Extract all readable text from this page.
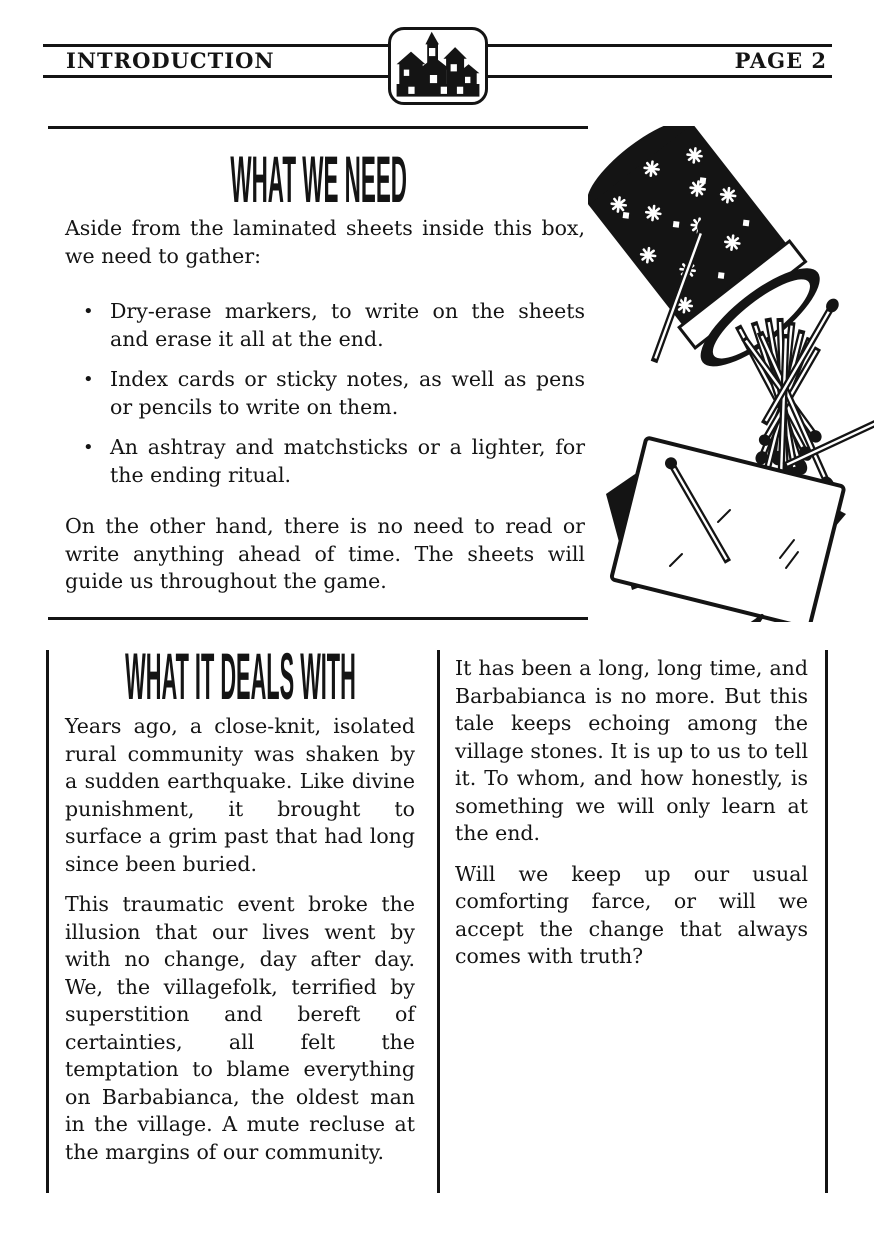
INTRODUCTION	PAGE 2
WHAT WE NEED

Aside from the laminated sheets inside this box, we need to gather:

• Dry-erase markers, to write on the sheets and erase it all at the end.
• Index cards or sticky notes, as well as pens or pencils to write on them.
• An ashtray and matchsticks or a lighter, for the ending ritual.

On the other hand, there is no need to read or write anything ahead of time. The sheets will guide us throughout the game.

WHAT IT DEALS WITH

Years ago, a close-knit, isolated rural community was shaken by a sudden earthquake. Like divine punishment, it brought to surface a grim past that had long since been buried.

This traumatic event broke the illusion that our lives went by with no change, day after day. We, the villagefolk, terrified by superstition and bereft of certainties, all felt the temptation to blame everything on Barbabianca, the oldest man in the village. A mute recluse at the margins of our community.

It has been a long, long time, and Barbabianca is no more. But this tale keeps echoing among the village stones. It is up to us to tell it. To whom, and how honestly, is something we will only learn at the end.

Will we keep up our usual comforting farce, or will we accept the change that always comes with truth?
